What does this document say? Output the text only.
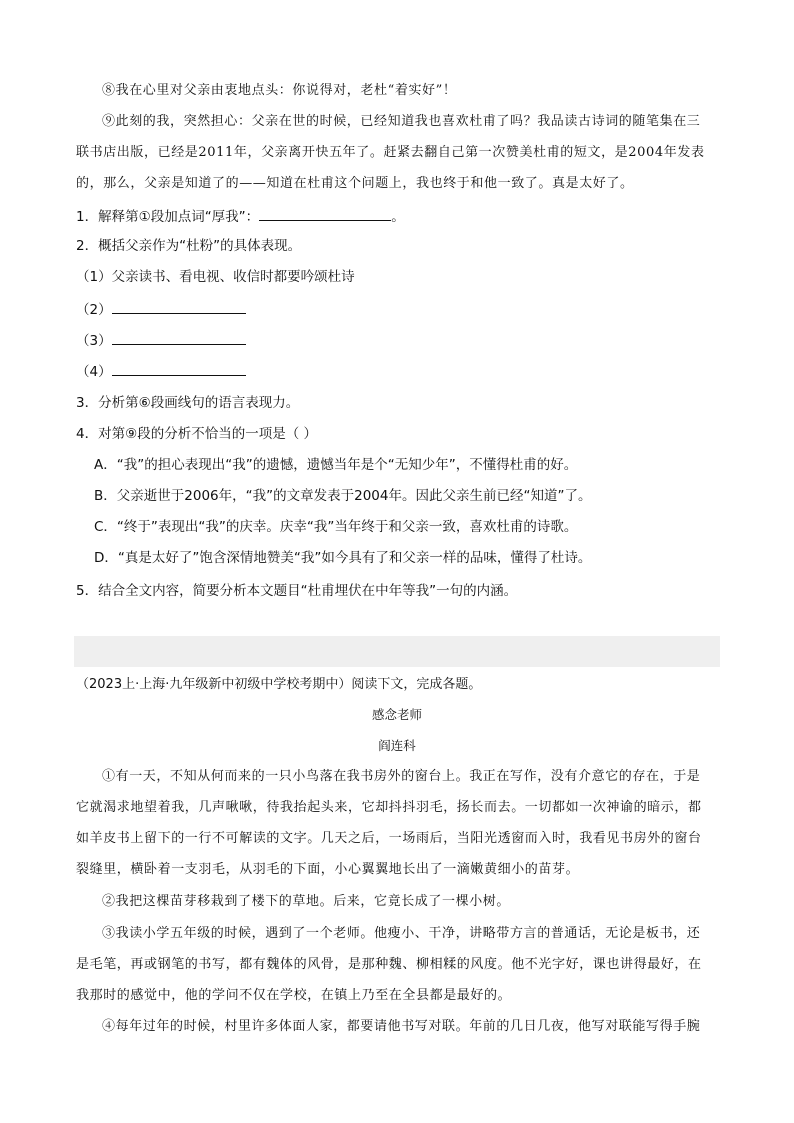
⑧我在心里对父亲由衷地点头：你说得对，老杜“着实好”！
⑨此刻的我，突然担心：父亲在世的时候，已经知道我也喜欢杜甫了吗？我品读古诗词的随笔集在三
联书店出版，已经是2011年，父亲离开快五年了。赶紧去翻自己第一次赞美杜甫的短文，是2004年发表
的，那么，父亲是知道了的——知道在杜甫这个问题上，我也终于和他一致了。真是太好了。
1．解释第①段加点词“厚我”：	。
2．概括父亲作为“杜粉”的具体表现。
（1）父亲读书、看电视、收信时都要吟颂杜诗
（2）
（3）
（4）
3．分析第⑥段画线句的语言表现力。
4．对第⑨段的分析不恰当的一项是（ ）
A．“我”的担心表现出“我”的遗憾，遗憾当年是个“无知少年”，不懂得杜甫的好。
B．父亲逝世于2006年，“我”的文章发表于2004年。因此父亲生前已经“知道”了。
C．“终于”表现出“我”的庆幸。庆幸“我”当年终于和父亲一致，喜欢杜甫的诗歌。
D．“真是太好了”饱含深情地赞美“我”如今具有了和父亲一样的品味，懂得了杜诗。
5．结合全文内容，简要分析本文题目“杜甫埋伏在中年等我”一句的内涵。
（2023上·上海·九年级新中初级中学校考期中）阅读下文，完成各题。
感念老师
阎连科
①有一天，不知从何而来的一只小鸟落在我书房外的窗台上。我正在写作，没有介意它的存在，于是
它就渴求地望着我，几声啾啾，待我抬起头来，它却抖抖羽毛，扬长而去。一切都如一次神谕的暗示，都
如羊皮书上留下的一行不可解读的文字。几天之后，一场雨后，当阳光透窗而入时，我看见书房外的窗台
裂缝里，横卧着一支羽毛，从羽毛的下面，小心翼翼地长出了一滴嫩黄细小的苗芽。
②我把这棵苗芽移栽到了楼下的草地。后来，它竟长成了一棵小树。
③我读小学五年级的时候，遇到了一个老师。他瘦小、干净，讲略带方言的普通话，无论是板书，还
是毛笔，再或钢笔的书写，都有魏体的风骨，是那种魏、柳相糅的风度。他不光字好，课也讲得最好，在
我那时的感觉中，他的学问不仅在学校，在镇上乃至在全县都是最好的。
④每年过年的时候，村里许多体面人家，都要请他书写对联。年前的几日几夜，他写对联能写得手腕
